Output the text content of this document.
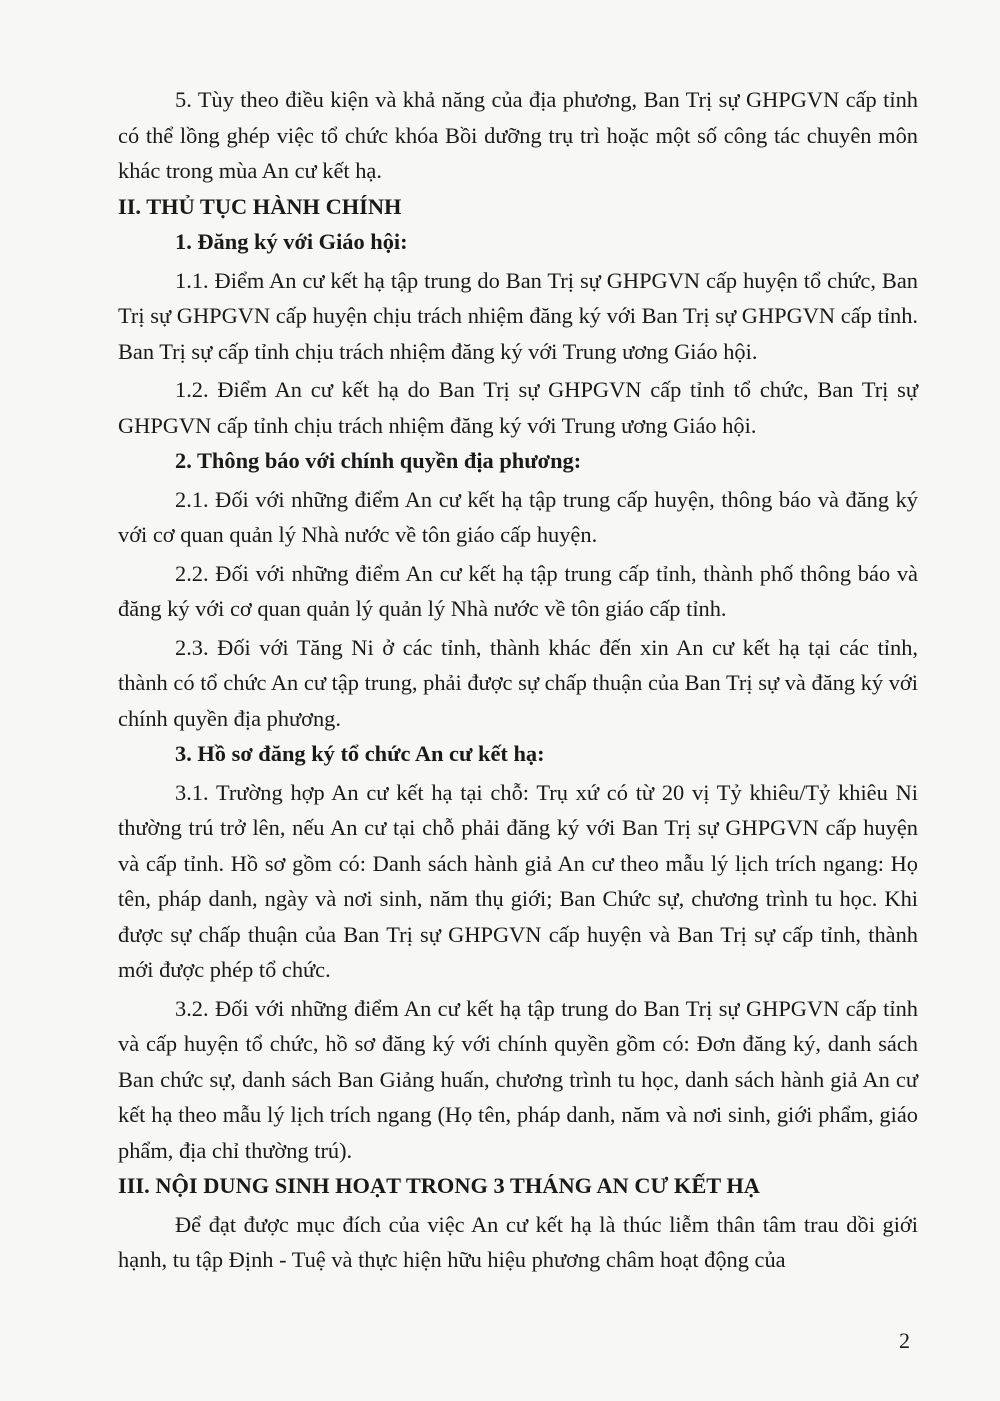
5. Tùy theo điều kiện và khả năng của địa phương, Ban Trị sự GHPGVN cấp tỉnh có thể lồng ghép việc tổ chức khóa Bồi dưỡng trụ trì hoặc một số công tác chuyên môn khác trong mùa An cư kết hạ.

II. THỦ TỤC HÀNH CHÍNH

1. Đăng ký với Giáo hội:

1.1. Điểm An cư kết hạ tập trung do Ban Trị sự GHPGVN cấp huyện tổ chức, Ban Trị sự GHPGVN cấp huyện chịu trách nhiệm đăng ký với Ban Trị sự GHPGVN cấp tỉnh. Ban Trị sự cấp tỉnh chịu trách nhiệm đăng ký với Trung ương Giáo hội.

1.2. Điểm An cư kết hạ do Ban Trị sự GHPGVN cấp tỉnh tổ chức, Ban Trị sự GHPGVN cấp tỉnh chịu trách nhiệm đăng ký với Trung ương Giáo hội.

2. Thông báo với chính quyền địa phương:

2.1. Đối với những điểm An cư kết hạ tập trung cấp huyện, thông báo và đăng ký với cơ quan quản lý Nhà nước về tôn giáo cấp huyện.

2.2. Đối với những điểm An cư kết hạ tập trung cấp tỉnh, thành phố thông báo và đăng ký với cơ quan quản lý quản lý Nhà nước về tôn giáo cấp tỉnh.

2.3. Đối với Tăng Ni ở các tỉnh, thành khác đến xin An cư kết hạ tại các tỉnh, thành có tổ chức An cư tập trung, phải được sự chấp thuận của Ban Trị sự và đăng ký với chính quyền địa phương.

3. Hồ sơ đăng ký tổ chức An cư kết hạ:

3.1. Trường hợp An cư kết hạ tại chỗ: Trụ xứ có từ 20 vị Tỷ khiêu/Tỷ khiêu Ni thường trú trở lên, nếu An cư tại chỗ phải đăng ký với Ban Trị sự GHPGVN cấp huyện và cấp tỉnh. Hồ sơ gồm có: Danh sách hành giả An cư theo mẫu lý lịch trích ngang: Họ tên, pháp danh, ngày và nơi sinh, năm thụ giới; Ban Chức sự, chương trình tu học. Khi được sự chấp thuận của Ban Trị sự GHPGVN cấp huyện và Ban Trị sự cấp tỉnh, thành mới được phép tổ chức.

3.2. Đối với những điểm An cư kết hạ tập trung do Ban Trị sự GHPGVN cấp tỉnh và cấp huyện tổ chức, hồ sơ đăng ký với chính quyền gồm có: Đơn đăng ký, danh sách Ban chức sự, danh sách Ban Giảng huấn, chương trình tu học, danh sách hành giả An cư kết hạ theo mẫu lý lịch trích ngang (Họ tên, pháp danh, năm và nơi sinh, giới phẩm, giáo phẩm, địa chỉ thường trú).

III. NỘI DUNG SINH HOẠT TRONG 3 THÁNG AN CƯ KẾT HẠ

Để đạt được mục đích của việc An cư kết hạ là thúc liễm thân tâm trau dồi giới hạnh, tu tập Định - Tuệ và thực hiện hữu hiệu phương châm hoạt động của

2
